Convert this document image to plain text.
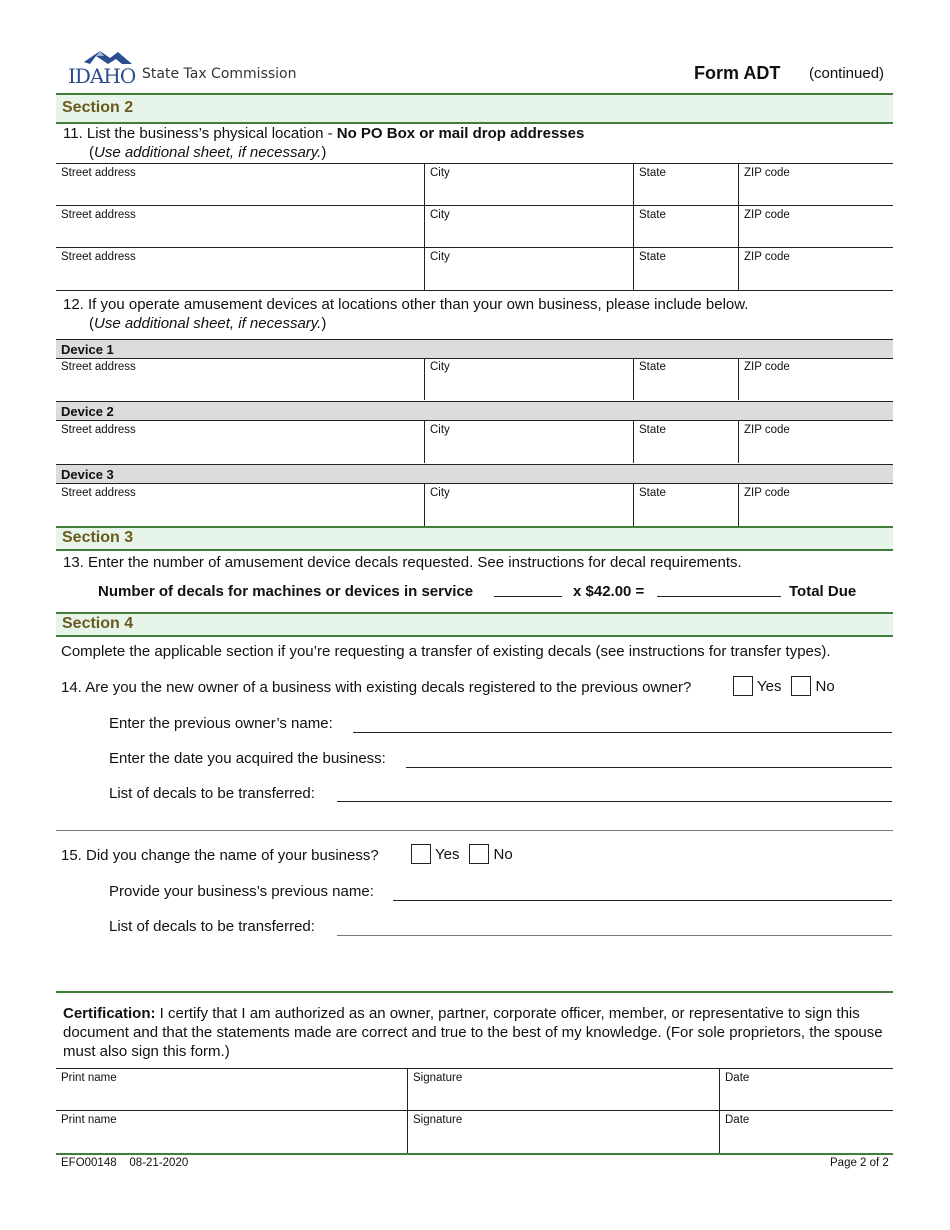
IDAHO State Tax Commission	Form ADT (continued)
Section 2
11. List the business’s physical location - No PO Box or mail drop addresses
(Use additional sheet, if necessary.)
Street address	City	State	ZIP code
Street address	City	State	ZIP code
Street address	City	State	ZIP code
12. If you operate amusement devices at locations other than your own business, please include below.
(Use additional sheet, if necessary.)
Device 1
Street address	City	State	ZIP code
Device 2
Street address	City	State	ZIP code
Device 3
Street address	City	State	ZIP code
Section 3
13. Enter the number of amusement device decals requested. See instructions for decal requirements.
Number of decals for machines or devices in service	x $42.00 =	Total Due
Section 4
Complete the applicable section if you’re requesting a transfer of existing decals (see instructions for transfer types).
14. Are you the new owner of a business with existing decals registered to the previous owner?	Yes No
Enter the previous owner’s name:
Enter the date you acquired the business:
List of decals to be transferred:
15. Did you change the name of your business?	Yes No
Provide your business’s previous name:
List of decals to be transferred:
Certification: I certify that I am authorized as an owner, partner, corporate officer, member, or representative to sign this document and that the statements made are correct and true to the best of my knowledge. (For sole proprietors, the spouse must also sign this form.)
Print name	Signature	Date
Print name	Signature	Date
EFO00148 08-21-2020	Page 2 of 2
